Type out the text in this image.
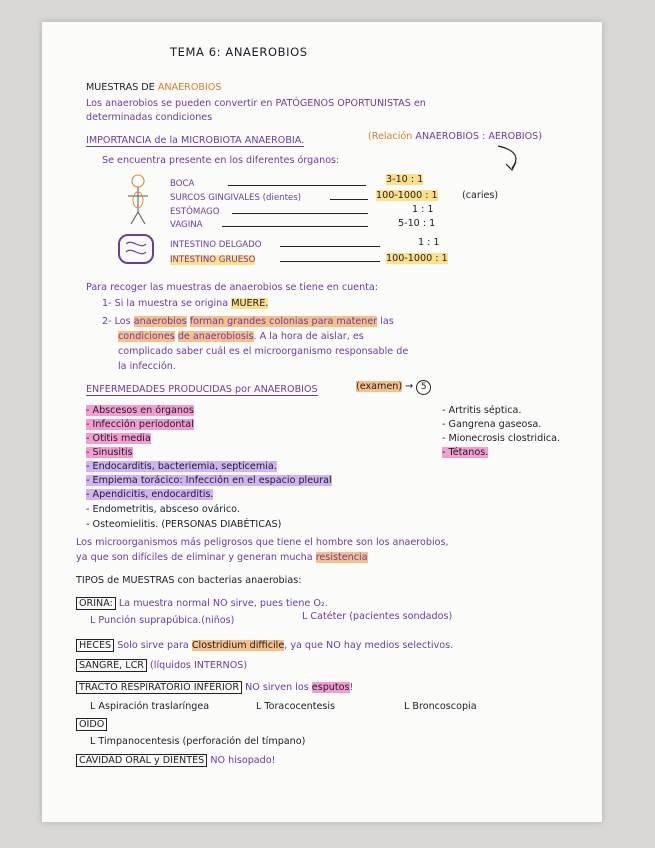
TEMA 6: ANAEROBIOS
MUESTRAS DE ANAEROBIOS
Los anaerobios se pueden convertir en PATÓGENOS OPORTUNISTAS en
determinadas condiciones
IMPORTANCIA de la MICROBIOTA ANAEROBIA.	(Relación ANAEROBIOS : AEROBIOS)
Se encuentra presente en los diferentes órganos:
BOCA	3-10 : 1
SURCOS GINGIVALES (dientes)	100-1000 : 1	(caries)
ESTÓMAGO	1 : 1
VAGINA	5-10 : 1
INTESTINO DELGADO	1 : 1
INTESTINO GRUESO	100-1000 : 1
Para recoger las muestras de anaerobios se tiene en cuenta:
1- Si la muestra se origina MUERE.
2- Los anaerobios forman grandes colonias para matener las
condiciones de anaerobiosis. A la hora de aislar, es
complicado saber cuál es el microorganismo responsable de
la infección.
ENFERMEDADES PRODUCIDAS por ANAEROBIOS	(examen) → 5
- Abscesos en órganos
- Infección periodontal
- Otitis media
- Sinusitis
- Endocarditis, bacteriemia, septicemia.
- Empiema torácico: Infección en el espacio pleural
- Apendicitis, endocarditis.
- Endometritis, absceso ovárico.
- Osteomielitis. (PERSONAS DIABÉTICAS)
- Artritis séptica.
- Gangrena gaseosa.
- Mionecrosis clostridica.
- Tétanos.
Los microorganismos más peligrosos que tiene el hombre son los anaerobios,
ya que son difíciles de eliminar y generan mucha resistencia
TIPOS de MUESTRAS con bacterias anaerobias:
ORINA: La muestra normal NO sirve, pues tiene O₂.
L Punción suprapúbica.(niños)	L Catéter (pacientes sondados)
HECES Solo sirve para Clostridium difficile, ya que NO hay medios selectivos.
SANGRE, LCR (líquidos INTERNOS)
TRACTO RESPIRATORIO INFERIOR NO sirven los esputos!
L Aspiración traslaríngea	L Toracocentesis	L Broncoscopia
OÍDO
L Timpanocentesis (perforación del tímpano)
CAVIDAD ORAL y DIENTES NO hisopado!
